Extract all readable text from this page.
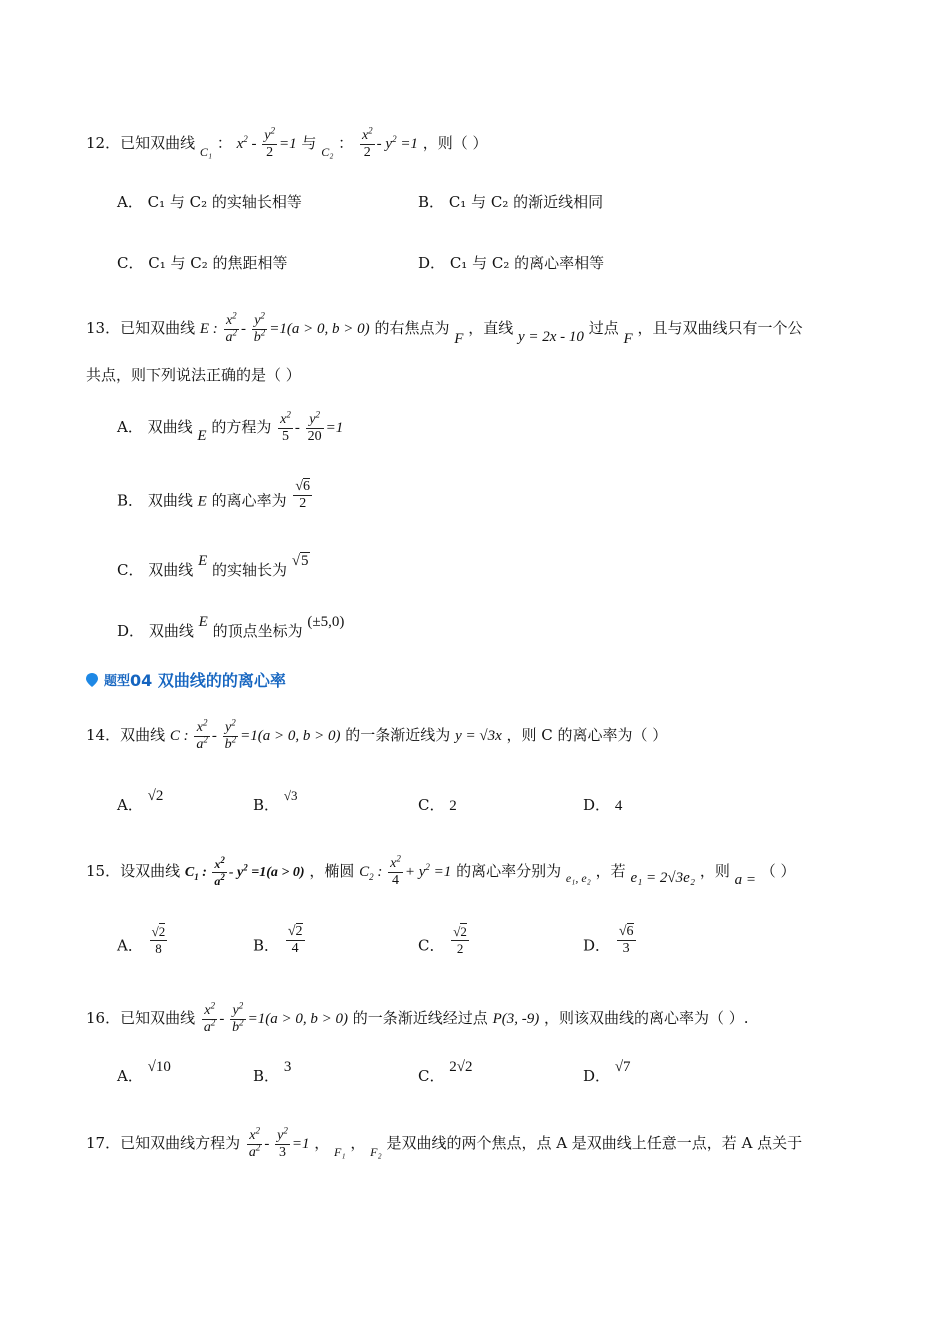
12．已知双曲线 $_{C_1}$ ： $x^2 - \frac{y^2}{2} =1$ 与 $_{C_2}$ ： $\frac{x^2}{2} - y^2 =1$ ，则（ ）
A． C₁ 与 C₂ 的实轴长相等	B． C₁ 与 C₂ 的渐近线相同
C． C₁ 与 C₂ 的焦距相等	D． C₁ 与 C₂ 的离心率相等
13．已知双曲线 E : $\frac{x^2}{a^2} - \frac{y^2}{b^2} =1(a > 0$, b > 0) 的右焦点为 F ，直线 y = 2x - 10 过点 F ，且与双曲线只有一个公
共点，则下列说法正确的是（ ）
A． 双曲线 E 的方程为 $\frac{x^2}{5} - \frac{y^2}{20} =1$
B． 双曲线 E 的离心率为 $\frac{√6}{2}$
C． 双曲线 E 的实轴长为 √5
D． 双曲线 E 的顶点坐标为 (±5,0)
题型 04 双曲线的的离心率
14．双曲线 C : $\frac{x^2}{a^2} - \frac{y^2}{b^2} =1(a > 0$, b > 0) 的一条渐近线为 y = √3x ，则 C 的离心率为（ ）
A． √2	B． √3
C． 2	D． 4
15．设双曲线 $C_1$ : $\frac{x^2}{a^2} - y^2 =1(a > 0)$ ，椭圆 $C_2$ : $\frac{x^2}{4} + y^2 =1$ 的离心率分别为 $_{e_1, e_2}$ ，若 e₁ = 2√3e₂ ，则 a = （ ）
A． $\frac{√2}{8}$	B． $\frac{√2}{4}$	C． $\frac{√2}{2}$	D． $\frac{√6}{3}$
16．已知双曲线 $\frac{x^2}{a^2} - \frac{y^2}{b^2} =1(a > 0$, b > 0) 的一条渐近线经过点 P(3, -9) ，则该双曲线的离心率为（ ）.
A． √10	B． 3	C． 2√2	D． √7
17．已知双曲线方程为 $\frac{x^2}{a^2} - \frac{y^2}{3} =1$ ， $_{F_1}$ ， $_{F_2}$ 是双曲线的两个焦点，点 A 是双曲线上任意一点，若 A 点关于
